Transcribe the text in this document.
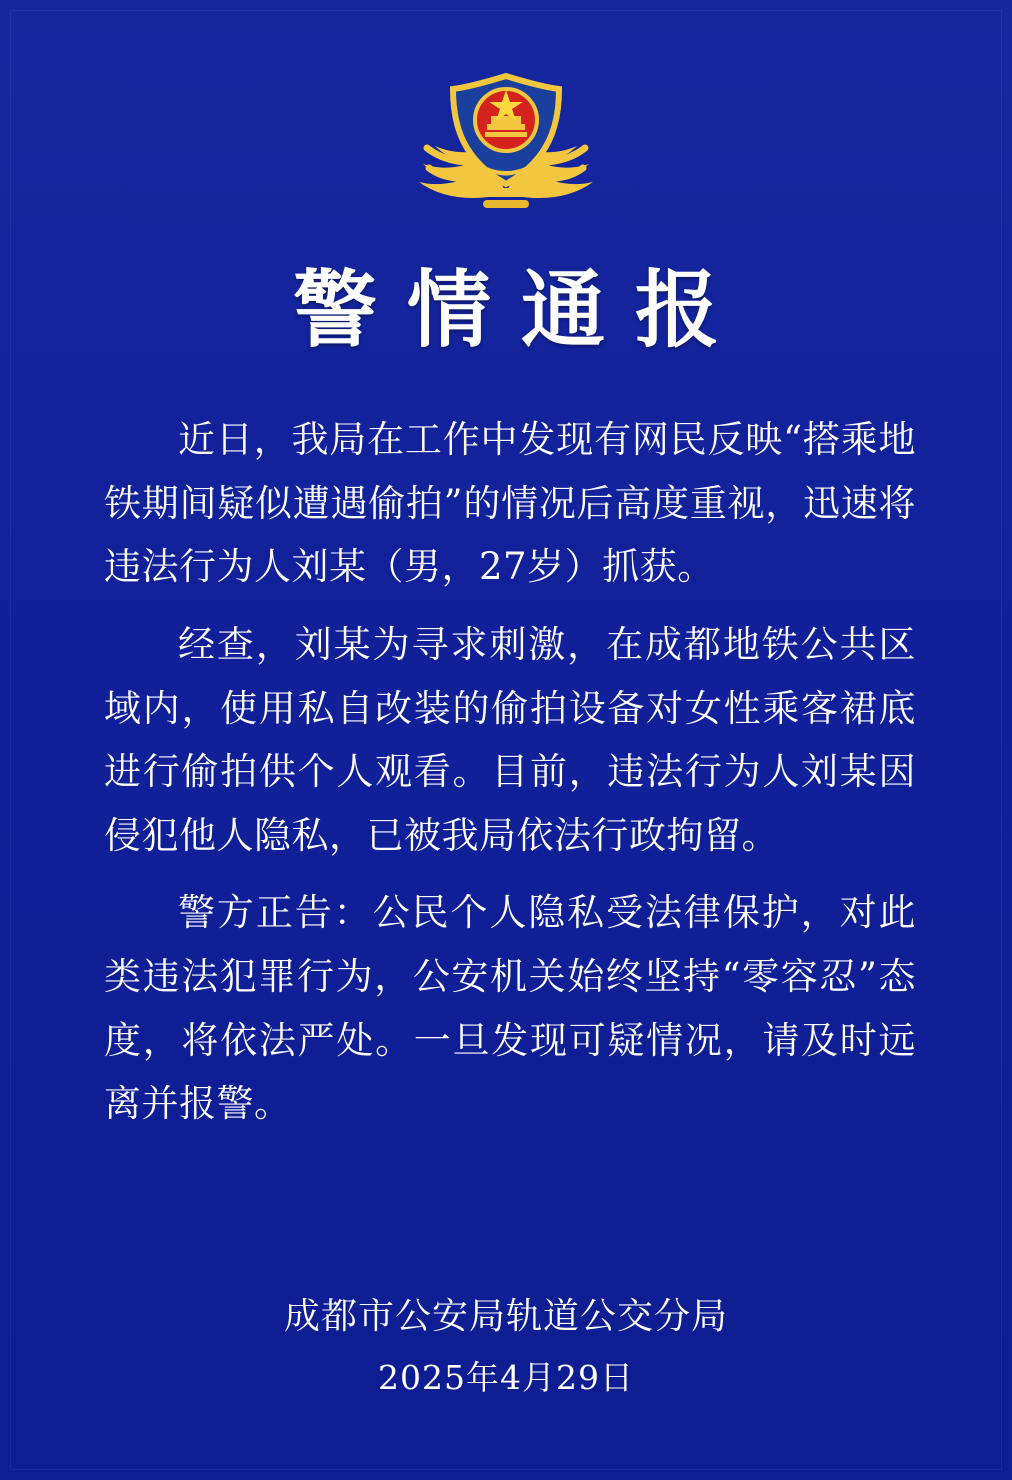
警情通报

近日，我局在工作中发现有网民反映“搭乘地铁期间疑似遭遇偷拍”的情况后高度重视，迅速将违法行为人刘某（男，27岁）抓获。

经查，刘某为寻求刺激，在成都地铁公共区域内，使用私自改装的偷拍设备对女性乘客裙底进行偷拍供个人观看。目前，违法行为人刘某因侵犯他人隐私，已被我局依法行政拘留。

警方正告：公民个人隐私受法律保护，对此类违法犯罪行为，公安机关始终坚持“零容忍”态度，将依法严处。一旦发现可疑情况，请及时远离并报警。

成都市公安局轨道公交分局
2025年4月29日
